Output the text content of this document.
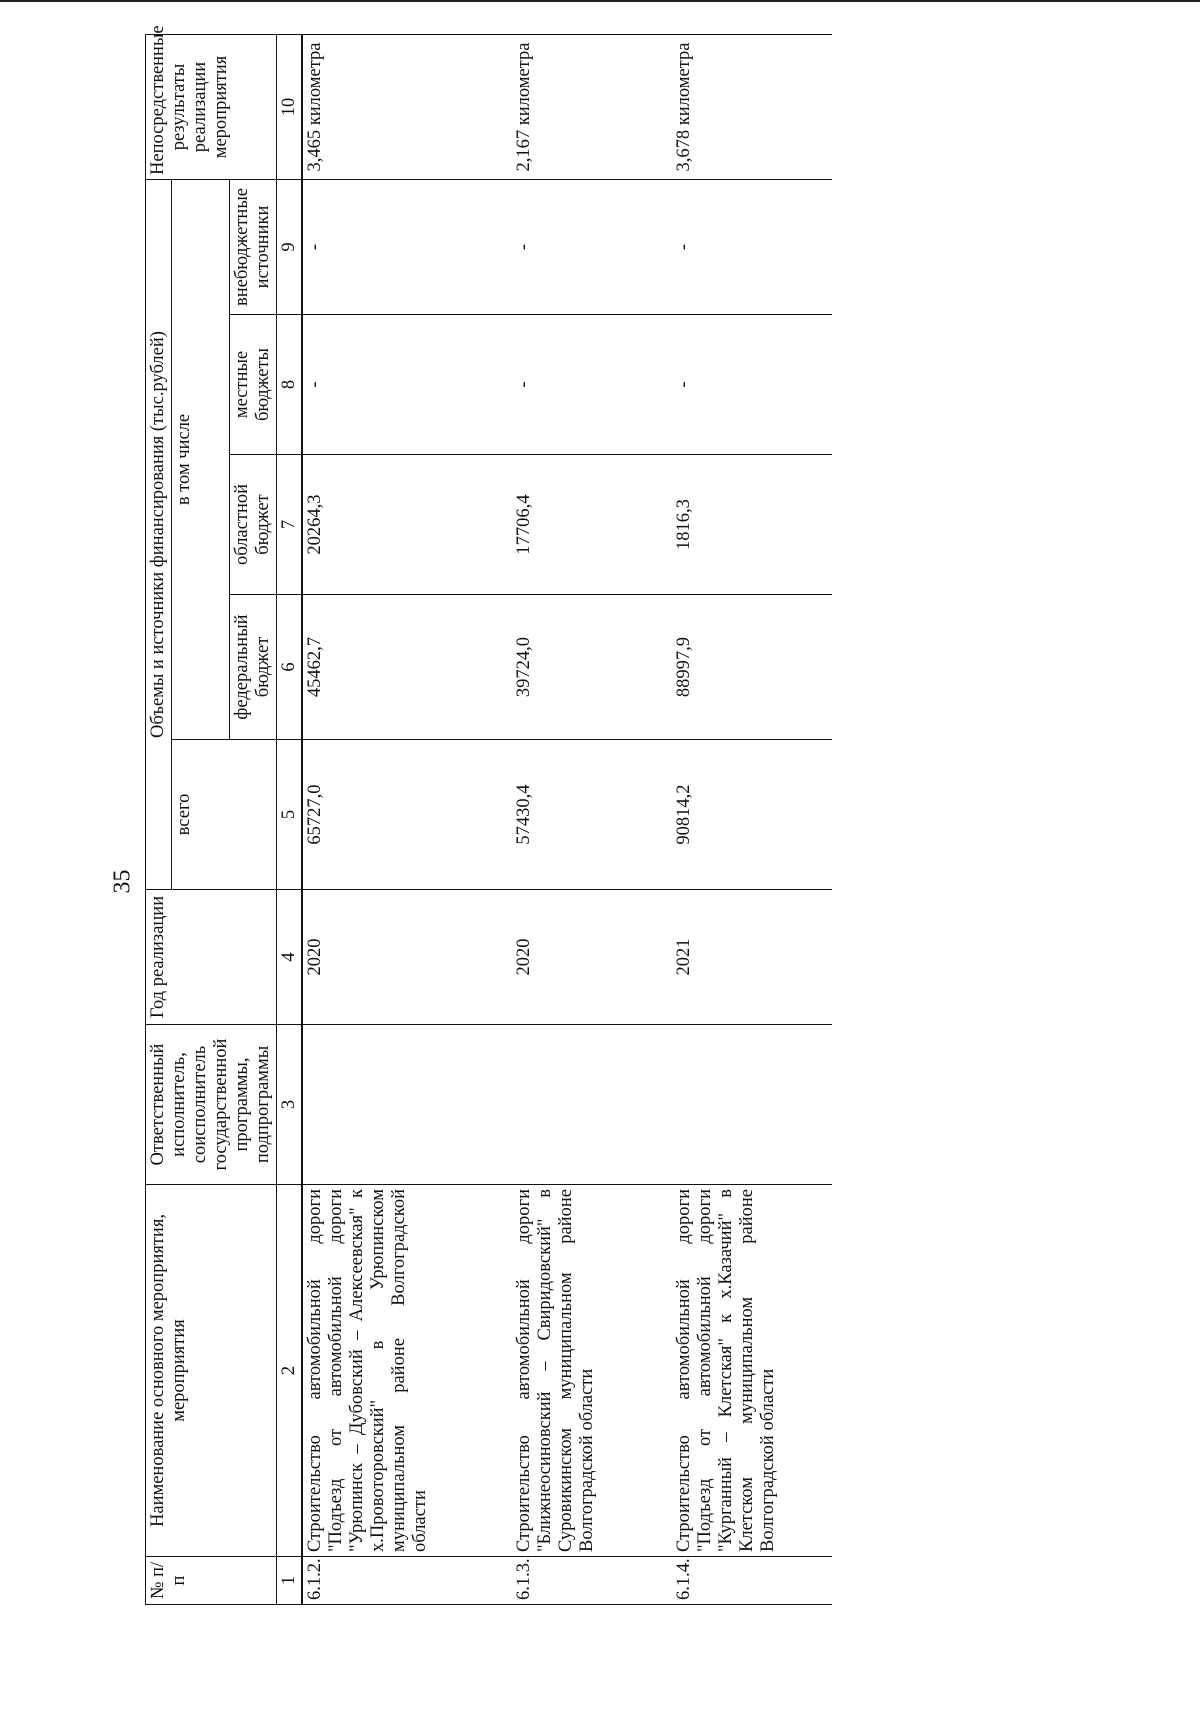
35
№ п/п	Наименование основного мероприятия, мероприятия	Ответственный исполнитель, соисполнитель государственной программы, подпрограммы	Год реализации	Объемы и источники финансирования (тыс.рублей)					Непосредственные результаты реализации мероприятия
				всего	в том числе				
					федеральный бюджет	областной бюджет	местные бюджеты	внебюджетные источники	
1	2	3	4	5	6	7	8	9	10
6.1.2.	Строительство автомобильной дороги "Подъезд от автомобильной дороги "Урюпинск – Дубовский – Алексеевская" к х.Провоторовский" в Урюпинском муниципальном районе Волгоградской области		2020	65727,0	45462,7	20264,3	-	-	3,465 километра
6.1.3.	Строительство автомобильной дороги "Ближнеосиновский – Свиридовский" в Суровикинском муниципальном районе Волгоградской области		2020	57430,4	39724,0	17706,4	-	-	2,167 километра
6.1.4.	Строительство автомобильной дороги "Подъезд от автомобильной дороги "Курганный – Клетская" к х.Казачий" в Клетском муниципальном районе Волгоградской области		2021	90814,2	88997,9	1816,3	-	-	3,678 километра
